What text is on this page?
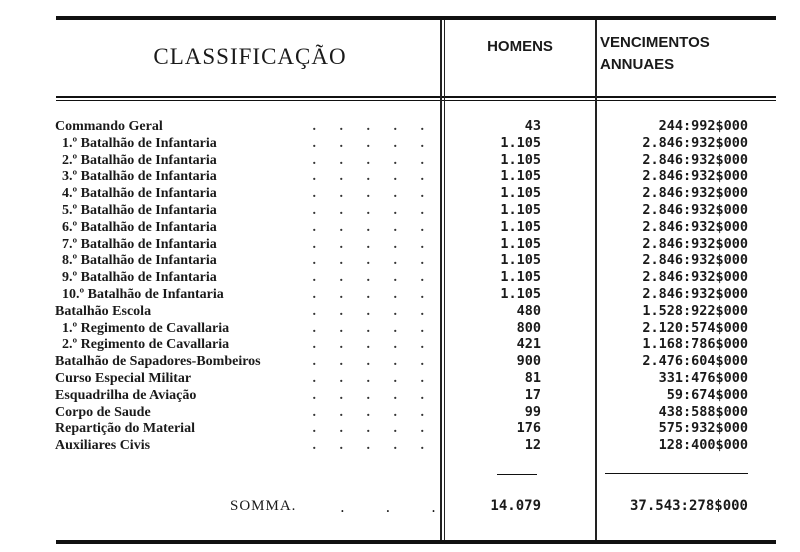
CLASSIFICAÇÃO	HOMENS	VENCIMENTOS
ANNUAES
Commando Geral	. . . . .	43	244:992$000
1.º Batalhão de Infantaria	. . . . .	1.105	2.846:932$000
2.º Batalhão de Infantaria	. . . . .	1.105	2.846:932$000
3.º Batalhão de Infantaria	. . . . .	1.105	2.846:932$000
4.º Batalhão de Infantaria	. . . . .	1.105	2.846:932$000
5.º Batalhão de Infantaria	. . . . .	1.105	2.846:932$000
6.º Batalhão de Infantaria	. . . . .	1.105	2.846:932$000
7.º Batalhão de Infantaria	. . . . .	1.105	2.846:932$000
8.º Batalhão de Infantaria	. . . . .	1.105	2.846:932$000
9.º Batalhão de Infantaria	. . . . .	1.105	2.846:932$000
10.º Batalhão de Infantaria	. . . . .	1.105	2.846:932$000
Batalhão Escola	. . . . .	480	1.528:922$000
1.º Regimento de Cavallaria	. . . . .	800	2.120:574$000
2.º Regimento de Cavallaria	. . . . .	421	1.168:786$000
Batalhão de Sapadores-Bombeiros	. . . . .	900	2.476:604$000
Curso Especial Militar	. . . . .	81	331:476$000
Esquadrilha de Aviação	. . . . .	17	59:674$000
Corpo de Saude	. . . . .	99	438:588$000
Repartição do Material	. . . . .	176	575:932$000
Auxiliares Civis	. . . . .	12	128:400$000
SOMMA.	. . .	14.079	37.543:278$000
